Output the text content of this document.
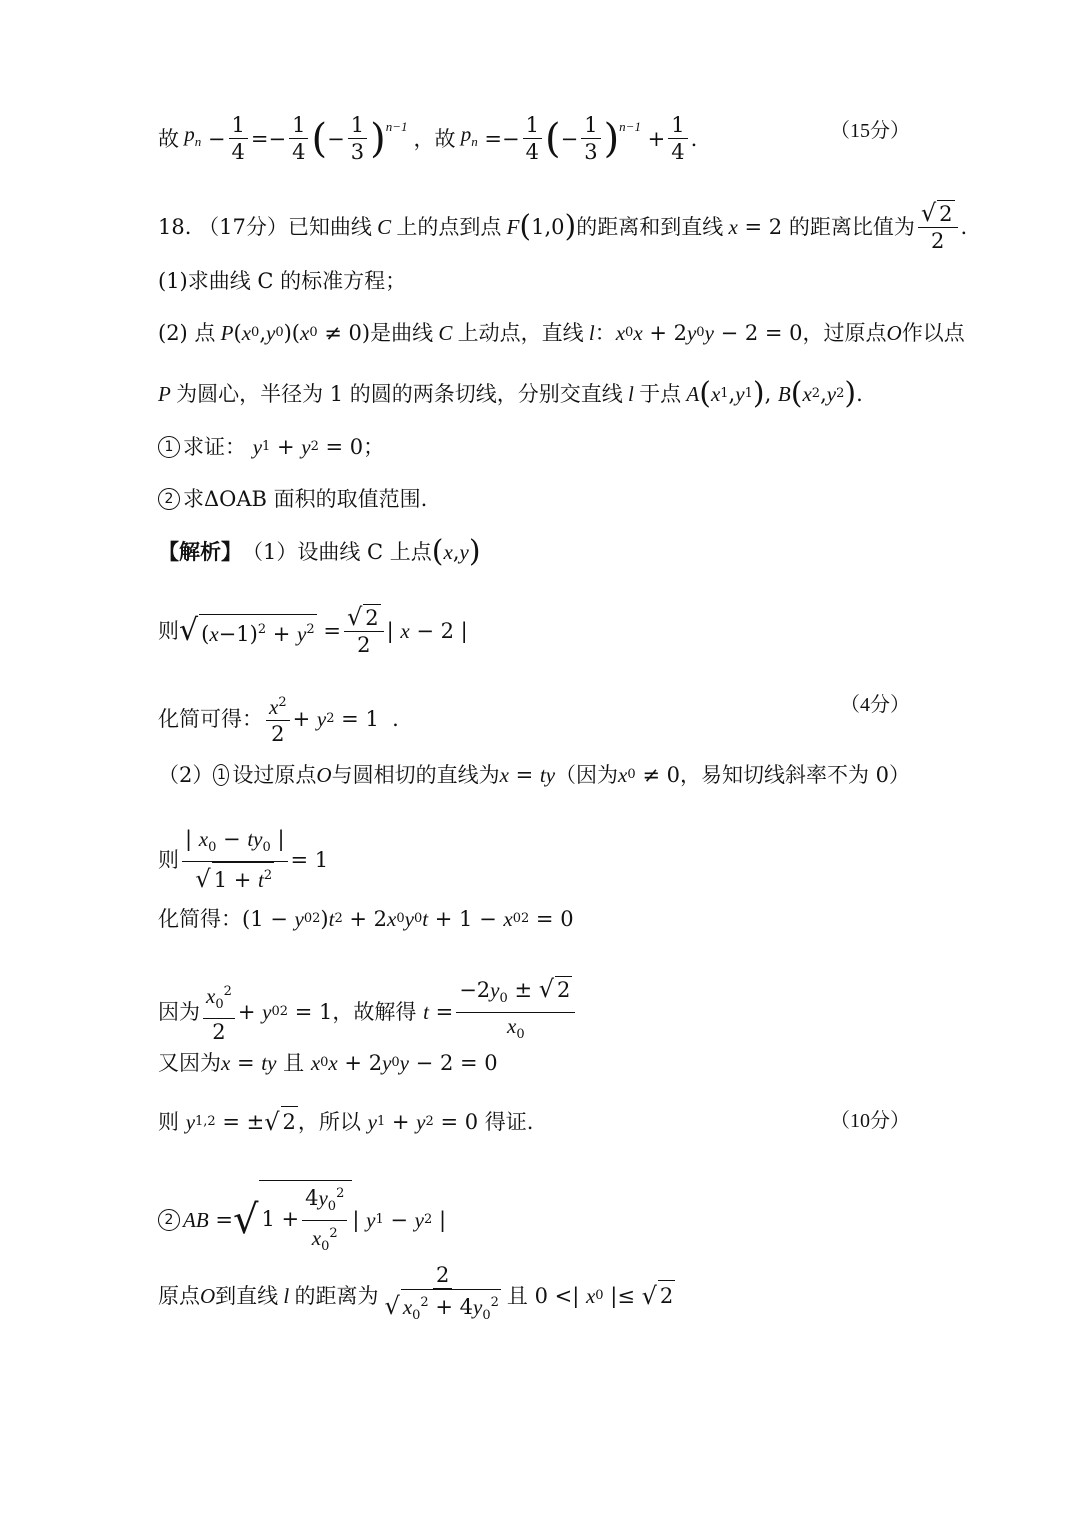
故 $p_n - \frac{1}{4} =- \frac{1}{4}$ ( − $\frac{1}{3} )^{n-1}$ ，故 $p_n =- \frac{1}{4}$ ( − $\frac{1}{3} )^{n-1} + \frac{1}{4}$ .	（15分）
18.
（17分）已知曲线 C 上的点到点 F ( 1,0 ) 的距离和到直线 x = 2 的距离比值为 $\frac{√ 2}{2}$ .
(1)求曲线 C 的标准方程；
(2) 点 P ( x 0 , y 0 )( x 0 ≠ 0) 是曲线 C 上动点，直线 l ： x 0 x + 2 y 0 y − 2 = 0 ，过原点 O 作以点
P 为圆心，半径为 1 的圆的两条切线，分别交直线 l 于点 A ( x 1 , y 1 ) , B ( x 2 , y 2 ) .
1 求证：
y 1 + y 2 = 0；
2 求ΔOAB 面积的取值范围.
【解析】 （1）设曲线 C 上点 ( x , y )
则 √ $(x-1)^2 + y^2 = \frac{√ 2}{2}$ | x − 2 |
化简可得： $\frac{x^2}{2} + y$ 2 = 1  .
（4分）
（2） 1 设过原点 O 与圆相切的直线为 x = ty （因为 x 0 ≠ 0 ，易知切线斜率不为 0）
则 $\frac{| x_0 - ty_0 |}{√ 1 + t^2} = 1$
化简得： (1 − y 0 2 ) t 2 + 2 x 0 y 0 t + 1 − x 0 2 = 0
因为 $\frac{x_0^2}{2} + y$ 0 2 = 1 ，故解得
$t = \frac{-2y_0 \pm √ 2}{x_0}$
又因为 x = ty
且
x 0 x + 2 y 0 y − 2 = 0
则
y 1,2 = ± √ 2 ，所以
y 1 + y 2 = 0 得证.	（10分）
2 AB = √ $1 + \frac{4y_0^2}{x_0^2}$ | y 1 − y 2 |
原点 O 到直线 l 的距离为 $\frac{2}{√ x_0^2 + 4y_0^2}$ 且 0 <| x 0 |≤ √ 2
